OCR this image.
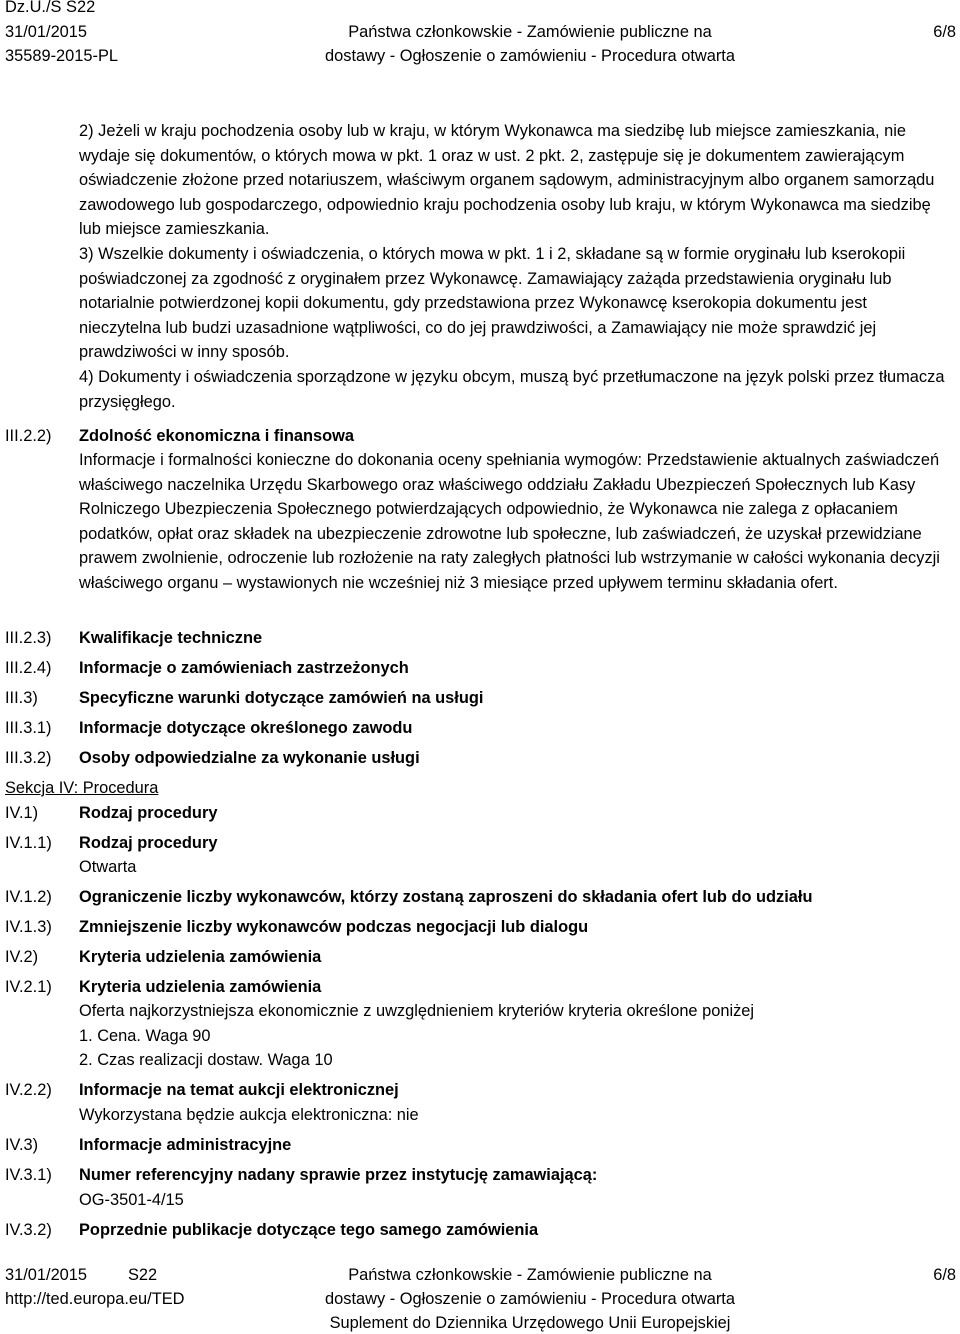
Dz.U./S S22
31/01/2015
35589-2015-PL
Państwa członkowskie - Zamówienie publiczne na
dostawy - Ogłoszenie o zamówieniu - Procedura otwarta
6/8

2) Jeżeli w kraju pochodzenia osoby lub w kraju, w którym Wykonawca ma siedzibę lub miejsce zamieszkania, nie wydaje się dokumentów, o których mowa w pkt. 1 oraz w ust. 2 pkt. 2, zastępuje się je dokumentem zawierającym oświadczenie złożone przed notariuszem, właściwym organem sądowym, administracyjnym albo organem samorządu zawodowego lub gospodarczego, odpowiednio kraju pochodzenia osoby lub kraju, w którym Wykonawca ma siedzibę lub miejsce zamieszkania.

3) Wszelkie dokumenty i oświadczenia, o których mowa w pkt. 1 i 2, składane są w formie oryginału lub kserokopii poświadczonej za zgodność z oryginałem przez Wykonawcę. Zamawiający zażąda przedstawienia oryginału lub notarialnie potwierdzonej kopii dokumentu, gdy przedstawiona przez Wykonawcę kserokopia dokumentu jest nieczytelna lub budzi uzasadnione wątpliwości, co do jej prawdziwości, a Zamawiający nie może sprawdzić jej prawdziwości w inny sposób.

4) Dokumenty i oświadczenia sporządzone w języku obcym, muszą być przetłumaczone na język polski przez tłumacza przysięgłego.

III.2.2) Zdolność ekonomiczna i finansowa
Informacje i formalności konieczne do dokonania oceny spełniania wymogów: Przedstawienie aktualnych zaświadczeń właściwego naczelnika Urzędu Skarbowego oraz właściwego oddziału Zakładu Ubezpieczeń Społecznych lub Kasy Rolniczego Ubezpieczenia Społecznego potwierdzających odpowiednio, że Wykonawca nie zalega z opłacaniem podatków, opłat oraz składek na ubezpieczenie zdrowotne lub społeczne, lub zaświadczeń, że uzyskał przewidziane prawem zwolnienie, odroczenie lub rozłożenie na raty zaległych płatności lub wstrzymanie w całości wykonania decyzji właściwego organu – wystawionych nie wcześniej niż 3 miesiące przed upływem terminu składania ofert.
III.2.3) Kwalifikacje techniczne
III.2.4) Informacje o zamówieniach zastrzeżonych
III.3)	Specyficzne warunki dotyczące zamówień na usługi
III.3.1) Informacje dotyczące określonego zawodu
III.3.2) Osoby odpowiedzialne za wykonanie usługi
Sekcja IV: Procedura
IV.1) Rodzaj procedury
IV.1.1) Rodzaj procedury
Otwarta
IV.1.2) Ograniczenie liczby wykonawców, którzy zostaną zaproszeni do składania ofert lub do udziału
IV.1.3) Zmniejszenie liczby wykonawców podczas negocjacji lub dialogu
IV.2) Kryteria udzielenia zamówienia
IV.2.1) Kryteria udzielenia zamówienia
Oferta najkorzystniejsza ekonomicznie z uwzględnieniem kryteriów kryteria określone poniżej
1. Cena. Waga 90
2. Czas realizacji dostaw. Waga 10
IV.2.2) Informacje na temat aukcji elektronicznej
Wykorzystana będzie aukcja elektroniczna: nie
IV.3) Informacje administracyjne
IV.3.1) Numer referencyjny nadany sprawie przez instytucję zamawiającą:
OG-3501-4/15
IV.3.2) Poprzednie publikacje dotyczące tego samego zamówienia
31/01/2015 S22
http://ted.europa.eu/TED
Państwa członkowskie - Zamówienie publiczne na
dostawy - Ogłoszenie o zamówieniu - Procedura otwarta
Suplement do Dziennika Urzędowego Unii Europejskiej
6/8
